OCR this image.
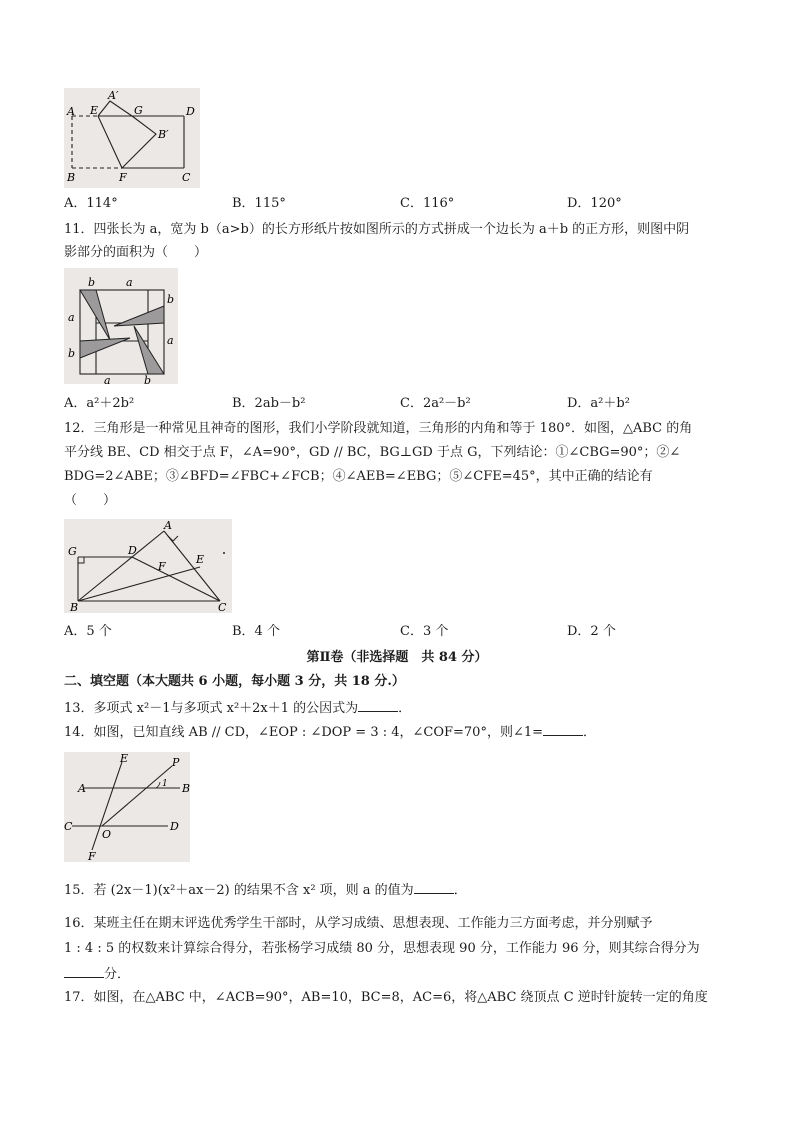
A
A′
E	G	D
B′
B	F	C
A．114°	B．115°	C．116°	D．120°
11．四张长为 a，宽为 b（a>b）的长方形纸片按如图所示的方式拼成一个边长为 a＋b 的正方形，则图中阴
影部分的面积为（　　）
b	a
b
a
a
b
a	b
A．a²＋2b²	B．2ab－b²	C．2a²－b²	D．a²＋b²
12．三角形是一种常见且神奇的图形，我们小学阶段就知道，三角形的内角和等于 180°．如图，△ABC 的角
平分线 BE、CD 相交于点 F，∠A=90°，GD // BC，BG⊥GD 于点 G，下列结论：①∠CBG=90°；②∠
BDG=2∠ABE；③∠BFD=∠FBC+∠FCB；④∠AEB=∠EBG；⑤∠CFE=45°，其中正确的结论有
（　　）
A
G	D
E
F
B	C
A．5 个	B．4 个	C．3 个	D．2 个
第Ⅱ卷（非选择题　共 84 分）
二、填空题（本大题共 6 小题，每小题 3 分，共 18 分.）
13．多项式 x²－1与多项式 x²＋2x＋1 的公因式为	．
14．如图，已知直线 AB // CD，∠EOP : ∠DOP = 3 : 4，∠COF=70°，则∠1=	．
E	P
A	1 B
C
O
D
F
15．若 (2x－1)(x²＋ax－2) 的结果不含 x² 项，则 a 的值为	．
16．某班主任在期末评选优秀学生干部时，从学习成绩、思想表现、工作能力三方面考虑，并分别赋予
1 : 4 : 5 的权数来计算综合得分，若张杨学习成绩 80 分，思想表现 90 分，工作能力 96 分，则其综合得分为
分．
17．如图，在△ABC 中，∠ACB=90°，AB=10，BC=8，AC=6，将△ABC 绕顶点 C 逆时针旋转一定的角度
